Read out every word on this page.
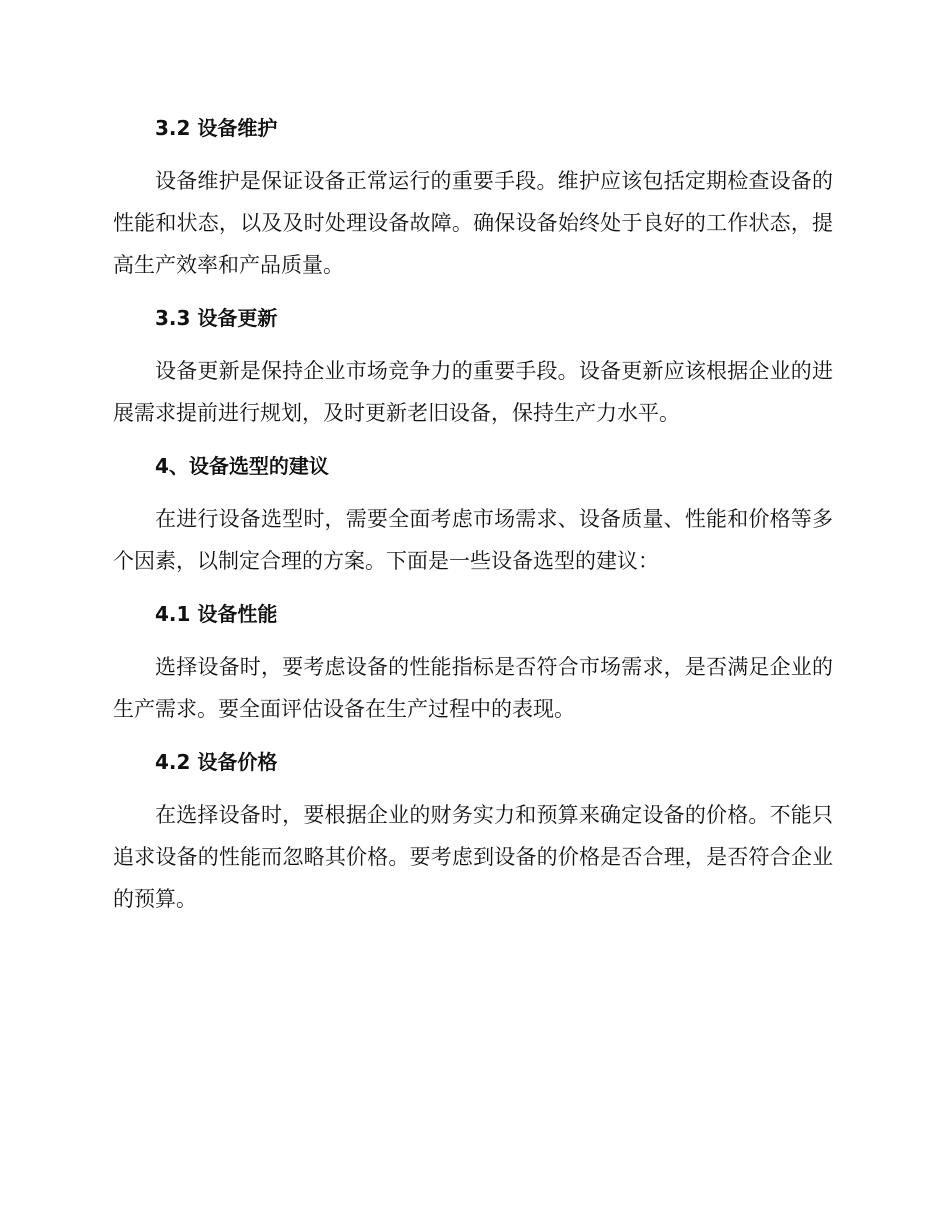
3.2 设备维护

设备维护是保证设备正常运行的重要手段。维护应该包括定期检查设备的性能和状态，以及及时处理设备故障。确保设备始终处于良好的工作状态，提高生产效率和产品质量。

3.3 设备更新

设备更新是保持企业市场竞争力的重要手段。设备更新应该根据企业的进展需求提前进行规划，及时更新老旧设备，保持生产力水平。

4、设备选型的建议

在进行设备选型时，需要全面考虑市场需求、设备质量、性能和价格等多个因素，以制定合理的方案。下面是一些设备选型的建议：

4.1 设备性能

选择设备时，要考虑设备的性能指标是否符合市场需求，是否满足企业的生产需求。要全面评估设备在生产过程中的表现。

4.2 设备价格

在选择设备时，要根据企业的财务实力和预算来确定设备的价格。不能只追求设备的性能而忽略其价格。要考虑到设备的价格是否合理，是否符合企业的预算。
